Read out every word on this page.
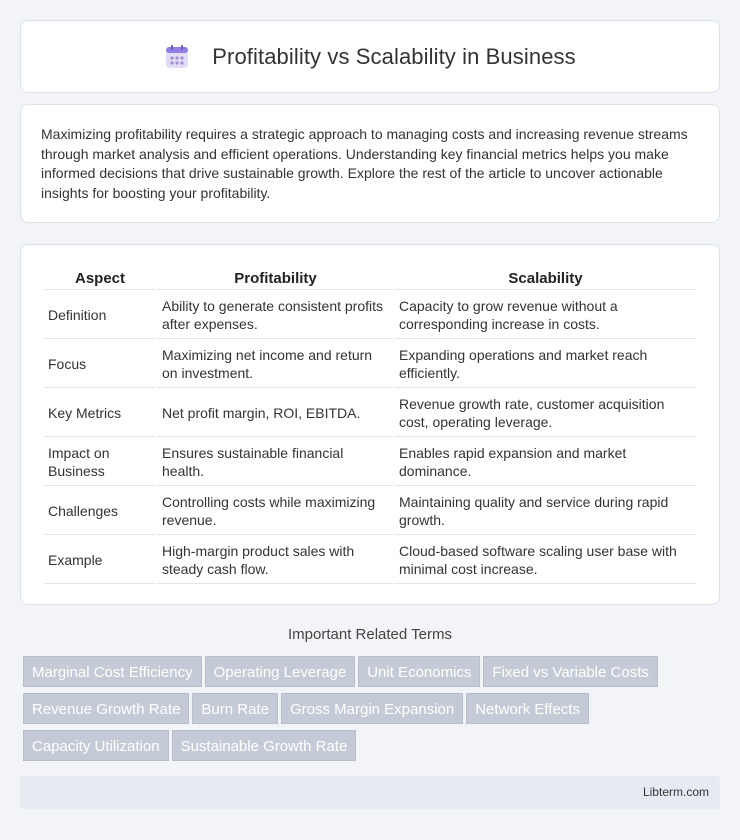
Profitability vs Scalability in Business

Maximizing profitability requires a strategic approach to managing costs and increasing revenue streams through market analysis and efficient operations. Understanding key financial metrics helps you make informed decisions that drive sustainable growth. Explore the rest of the article to uncover actionable insights for boosting your profitability.

Aspect	Profitability	Scalability
Definition	Ability to generate consistent profits after expenses.	Capacity to grow revenue without a corresponding increase in costs.
Focus	Maximizing net income and return on investment.	Expanding operations and market reach efficiently.
Key Metrics	Net profit margin, ROI, EBITDA.	Revenue growth rate, customer acquisition cost, operating leverage.
Impact on Business	Ensures sustainable financial health.	Enables rapid expansion and market dominance.
Challenges	Controlling costs while maximizing revenue.	Maintaining quality and service during rapid growth.
Example	High-margin product sales with steady cash flow.	Cloud-based software scaling user base with minimal cost increase.
Important Related Terms
Marginal Cost Efficiency Operating Leverage Unit Economics Fixed vs Variable Costs
Revenue Growth Rate Burn Rate Gross Margin Expansion Network Effects
Capacity Utilization Sustainable Growth Rate
Libterm.com
